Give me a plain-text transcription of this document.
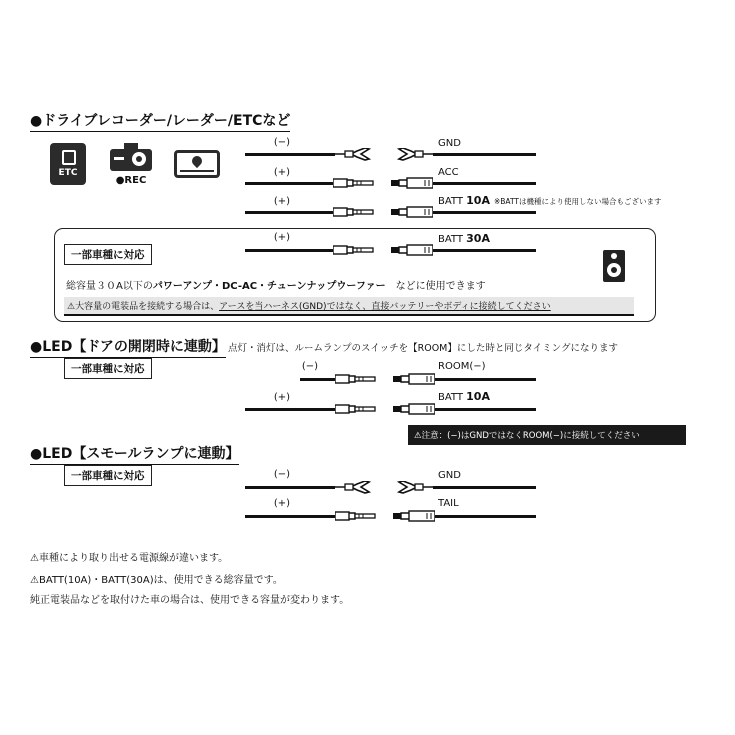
●ドライブレコーダー/レーダー/ETCなど
ETC
●REC
(−)	GND
(+)	ACC
(+)	BATT 10A ※BATTは機種により使用しない場合もございます
一部車種に対応
(+)	BATT 30A
総容量３０A以下のパワーアンプ・DC-AC・チューンナップウーファー　などに使用できます
⚠大容量の電装品を接続する場合は、アースを当ハーネス(GND)ではなく、直接バッテリーやボディに接続してください
●LED【ドアの開閉時に連動】 点灯・消灯は、ルームランプのスイッチを【ROOM】にした時と同じタイミングになります
一部車種に対応	(−)	ROOM(−)
(+)	BATT 10A
⚠注意：(−)はGNDではなくROOM(−)に接続してください
●LED【スモールランプに連動】
一部車種に対応	(−)	GND
(+)	TAIL
⚠車種により取り出せる電源線が違います。
⚠BATT(10A)・BATT(30A)は、使用できる総容量です。
純正電装品などを取付けた車の場合は、使用できる容量が変わります。
